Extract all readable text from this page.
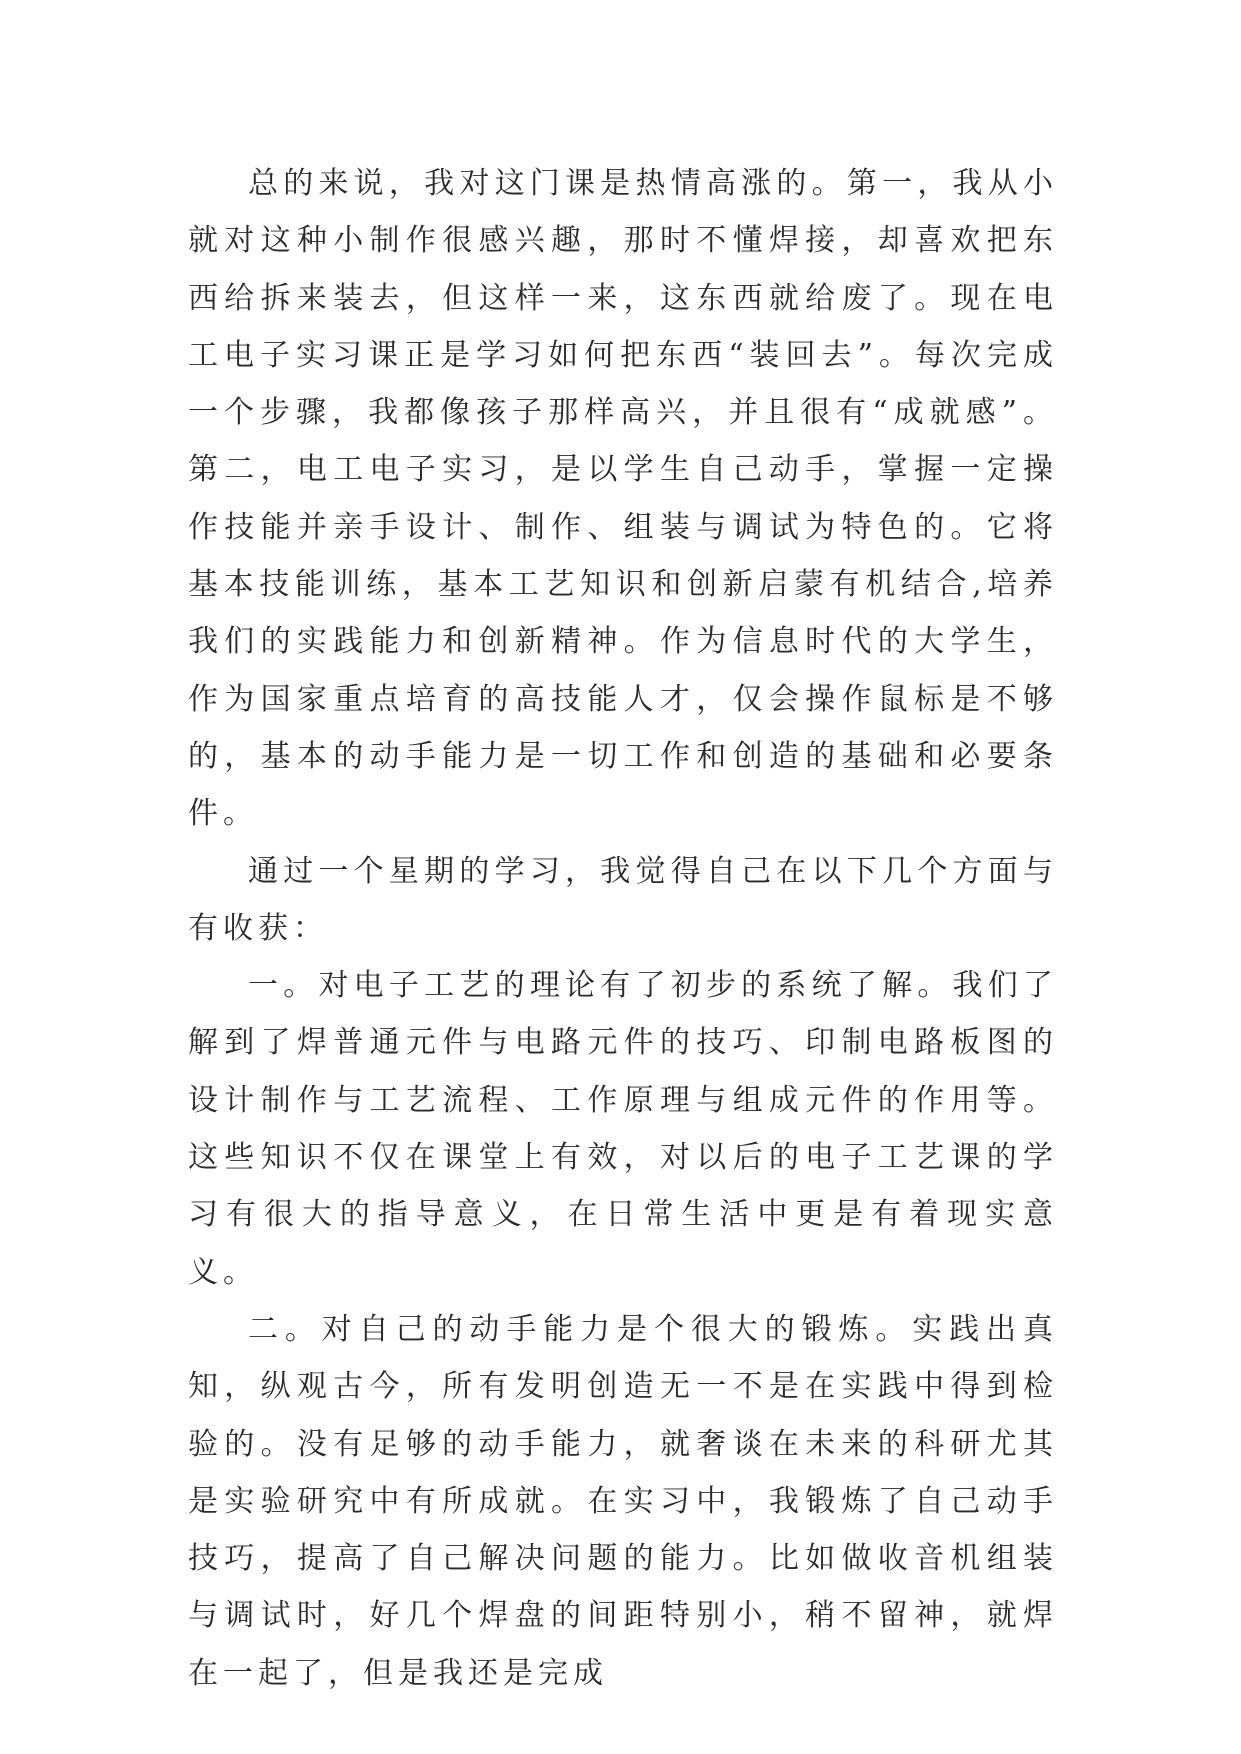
总的来说，我对这门课是热情高涨的。第一，我从小就对这种小制作很感兴趣，那时不懂焊接，却喜欢把东西给拆来装去，但这样一来，这东西就给废了。现在电工电子实习课正是学习如何把东西“装回去”。每次完成一个步骤，我都像孩子那样高兴，并且很有“成就感”。第二，电工电子实习，是以学生自己动手，掌握一定操作技能并亲手设计、制作、组装与调试为特色的。它将基本技能训练，基本工艺知识和创新启蒙有机结合,培养我们的实践能力和创新精神。作为信息时代的大学生，作为国家重点培育的高技能人才，仅会操作鼠标是不够的，基本的动手能力是一切工作和创造的基础和必要条件。

通过一个星期的学习，我觉得自己在以下几个方面与有收获：

一。对电子工艺的理论有了初步的系统了解。我们了解到了焊普通元件与电路元件的技巧、印制电路板图的设计制作与工艺流程、工作原理与组成元件的作用等。这些知识不仅在课堂上有效，对以后的电子工艺课的学习有很大的指导意义，在日常生活中更是有着现实意义。

二。对自己的动手能力是个很大的锻炼。实践出真知，纵观古今，所有发明创造无一不是在实践中得到检验的。没有足够的动手能力，就奢谈在未来的科研尤其是实验研究中有所成就。在实习中，我锻炼了自己动手技巧，提高了自己解决问题的能力。比如做收音机组装与调试时，好几个焊盘的间距特别小，稍不留神，就焊在一起了，但是我还是完成
